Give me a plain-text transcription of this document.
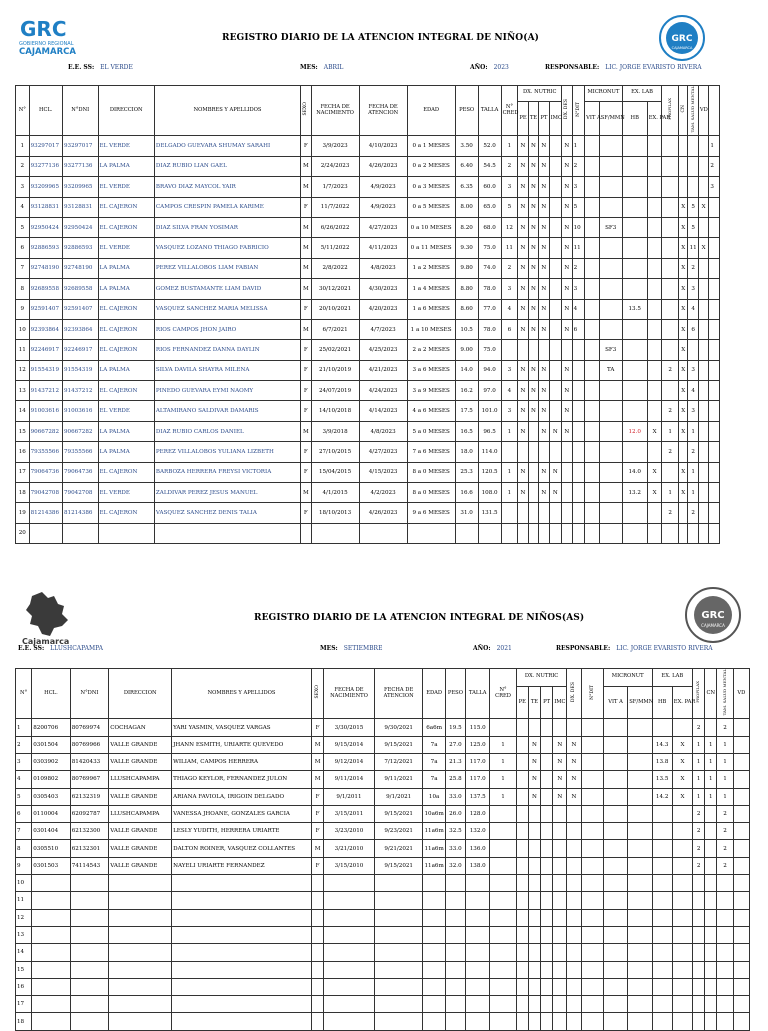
GRC
GOBIERNO REGIONAL
CAJAMARCA
REGISTRO DIARIO DE LA ATENCION INTEGRAL DE NIÑO(A)	GRC
CAJAMARCA
E.E. SS: EL VERDE	MES: ABRIL	AÑO: 2023	RESPONSABLE: LIC. JORGE EVARISTO RIVERA
N°	HCL.	N°DNI	DIRECCION	NOMBRES Y APELLIDOS	SEXO	FECHA DE NACIMIENTO	FECHA DE ATENCION	EDAD	PESO	TALLA	N° CRED	DX. NUTRIC				DX. DES	N°DIT	MICRONUT		EX. LAB		PROFILAX	CN	TAM. SALUD MENTAL	VD	
												PE	TE	PT	IMC			VIT A	SF/MMN	HB	EX. PAR					
1	93297017	93297017	EL VERDE	DELGADO GUEVARA SHUMAY SARAHI	F	3/9/2023	4/10/2023	0 a 1 MESES	3.50	52.0	1	N	N	N		N	1									1
2	93277136	93277136	LA PALMA	DIAZ RUBIO LIAN GAEL	M	2/24/2023	4/26/2023	0 a 2 MESES	6.40	54.5	2	N	N	N		N	2									2
3	93209965	93209965	EL VERDE	BRAVO DIAZ MAYCOL YAIR	M	1/7/2023	4/9/2023	0 a 3 MESES	6.35	60.0	3	N	N	N		N	3									3
4	93128831	93128831	EL CAJERON	CAMPOS CRESPIN PAMELA KARIME	F	11/7/2022	4/9/2023	0 a 5 MESES	8.00	65.0	5	N	N	N		N	5						X	5	X	
5	92950424	92950424	EL CAJERON	DIAZ SILVA FRAN YOSIMAR	M	6/26/2022	4/27/2023	0 a 10 MESES	8.20	68.0	12	N	N	N		N	10		SF3				X	5		
6	92886593	92886593	EL VERDE	VASQUEZ LOZANO THIAGO FABRICIO	M	5/11/2022	4/11/2023	0 a 11 MESES	9.30	75.0	11	N	N	N		N	11						X	11	X	
7	92748190	92748190	LA PALMA	PEREZ VILLALOBOS LIAM FABIAN	M	2/8/2022	4/8/2023	1 a 2 MESES	9.80	74.0	2	N	N	N		N	2						X	2		
8	92689558	92689558	LA PALMA	GOMEZ BUSTAMANTE LIAM DAVID	M	30/12/2021	4/30/2023	1 a 4 MESES	8.80	78.0	3	N	N	N		N	3						X	3		
9	92591407	92591407	EL CAJERON	VASQUEZ SANCHEZ MARIA MELISSA	F	20/10/2021	4/20/2023	1 a 6 MESES	8.60	77.0	4	N	N	N		N	4			13.5			X	4		
10	92393864	92393864	EL CAJERON	RIOS CAMPOS JHON JAIRO	M	6/7/2021	4/7/2023	1 a 10 MESES	10.5	78.0	6	N	N	N		N	6						X	6		
11	92246917	92246917	EL CAJERON	RIOS FERNANDEZ DANNA DAYLIN	F	25/02/2021	4/25/2023	2 a 2 MESES	9.00	75.0									SF3				X			
12	91554319	91554319	LA PALMA	SILVA DAVILA SHAYRA MILENA	F	21/10/2019	4/21/2023	3 a 6 MESES	14.0	94.0	3	N	N	N		N			TA			2	X	3		
13	91437212	91437212	EL CAJERON	PINEDO GUEVARA EYMI NAOMY	F	24/07/2019	4/24/2023	3 a 9 MESES	16.2	97.0	4	N	N	N		N							X	4		
14	91003616	91003616	EL VERDE	ALTAMIRANO SALDIVAR DAMARIS	F	14/10/2018	4/14/2023	4 a 6 MESES	17.5	101.0	3	N	N	N		N						2	X	3		
15	90667282	90667282	LA PALMA	DIAZ RUBIO CARLOS DANIEL	M	3/9/2018	4/8/2023	5 a 0 MESES	16.5	96.5	1	N		N	N	N				12.0	X	1	X	1		
16	79355566	79355566	LA PALMA	PEREZ VILLALOBOS YULIANA LIZBETH	F	27/10/2015	4/27/2023	7 a 6 MESES	18.0	114.0												2		2		
17	79064736	79064736	EL CAJERON	BARBOZA HERRERA FREYSI VICTORIA	F	15/04/2015	4/15/2023	8 a 0 MESES	25.3	120.5	1	N		N	N					14.0	X		X	1		
18	79042708	79042708	EL VERDE	ZALDIVAR PEREZ JESUS MANUEL	M	4/1/2015	4/2/2023	8 a 0 MESES	16.6	108.0	1	N		N	N					13.2	X	1	X	1		
19	81214386	81214386	EL CAJERON	VASQUEZ SANCHEZ DENIS TALIA	F	18/10/2013	4/26/2023	9 a 6 MESES	31.0	131.5												2		2		
20																										
Cajamarca
REGISTRO DIARIO DE LA ATENCION INTEGRAL DE NIÑOS(AS)	GRC
CAJAMARCA
E.E. SS: LLUSHCAPAMPA	MES: SETIEMBRE	AÑO: 2021	RESPONSABLE: LIC. JORGE EVARISTO RIVERA
N°	HCL.	N°DNI	DIRECCION	NOMBRES Y APELLIDOS	SEXO	FECHA DE NACIMIENTO	FECHA DE ATENCION	EDAD	PESO	TALLA	N° CRED	DX. NUTRIC				DX. DES	N°DIT	MICRONUT		EX. LAB		PROFILAX	CN	TAM. SALUD MENTAL	VD
												PE	TE	PT	IMC			VIT A	SF/MMN	HB	EX. PAR				
1	8200706	80769974	COCHAGAN	YARI YASMIN, VASQUEZ VARGAS	F	3/30/2015	9/30/2021	6a6m	19.5	115.0												2		2	
2	0301504	80769966	VALLE GRANDE	JHANN ESMITH, URIARTE QUEVEDO	M	9/15/2014	9/15/2021	7a	27.0	125.0	1		N		N	N				14.3	X	1	1	1	
3	0303902	81420433	VALLE GRANDE	WILIAM, CAMPOS HERRERA	M	9/12/2014	7/12/2021	7a	21.3	117.0	1		N		N	N				13.8	X	1	1	1	
4	0109802	80769967	LLUSHCAPAMPA	THIAGO KEYLOR, FERNANDEZ JULON	M	9/11/2014	9/11/2021	7a	25.8	117.0	1		N		N	N				13.5	X	1	1	1	
5	0305403	62132319	VALLE GRANDE	ARIANA FAVIOLA, IRIGOIN DELGADO	F	9/1/2011	9/1/2021	10a	33.0	137.5	1		N		N	N				14.2	X	1	1	1	
6	0110004	62092787	LLUSHCAPAMPA	VANESSA JHOANE, GONZALES GARCIA	F	3/15/2011	9/15/2021	10a6m	26.0	128.0												2		2	
7	0301404	62132300	VALLE GRANDE	LESLY YUDITH, HERRERA URIARTE	F	3/23/2010	9/23/2021	11a6m	32.5	132.0												2		2	
8	0305510	62132301	VALLE GRANDE	DALTON ROINER, VASQUEZ COLLANTES	M	3/21/2010	9/21/2021	11a6m	33.0	136.0												2		2	
9	0301503	74114543	VALLE GRANDE	NAYELI URIARTE FERNANDEZ	F	3/15/2010	9/15/2021	11a6m	32.0	138.0												2		2	
10																									
11																									
12																									
13																									
14																									
15																									
16																									
17																									
18																									
